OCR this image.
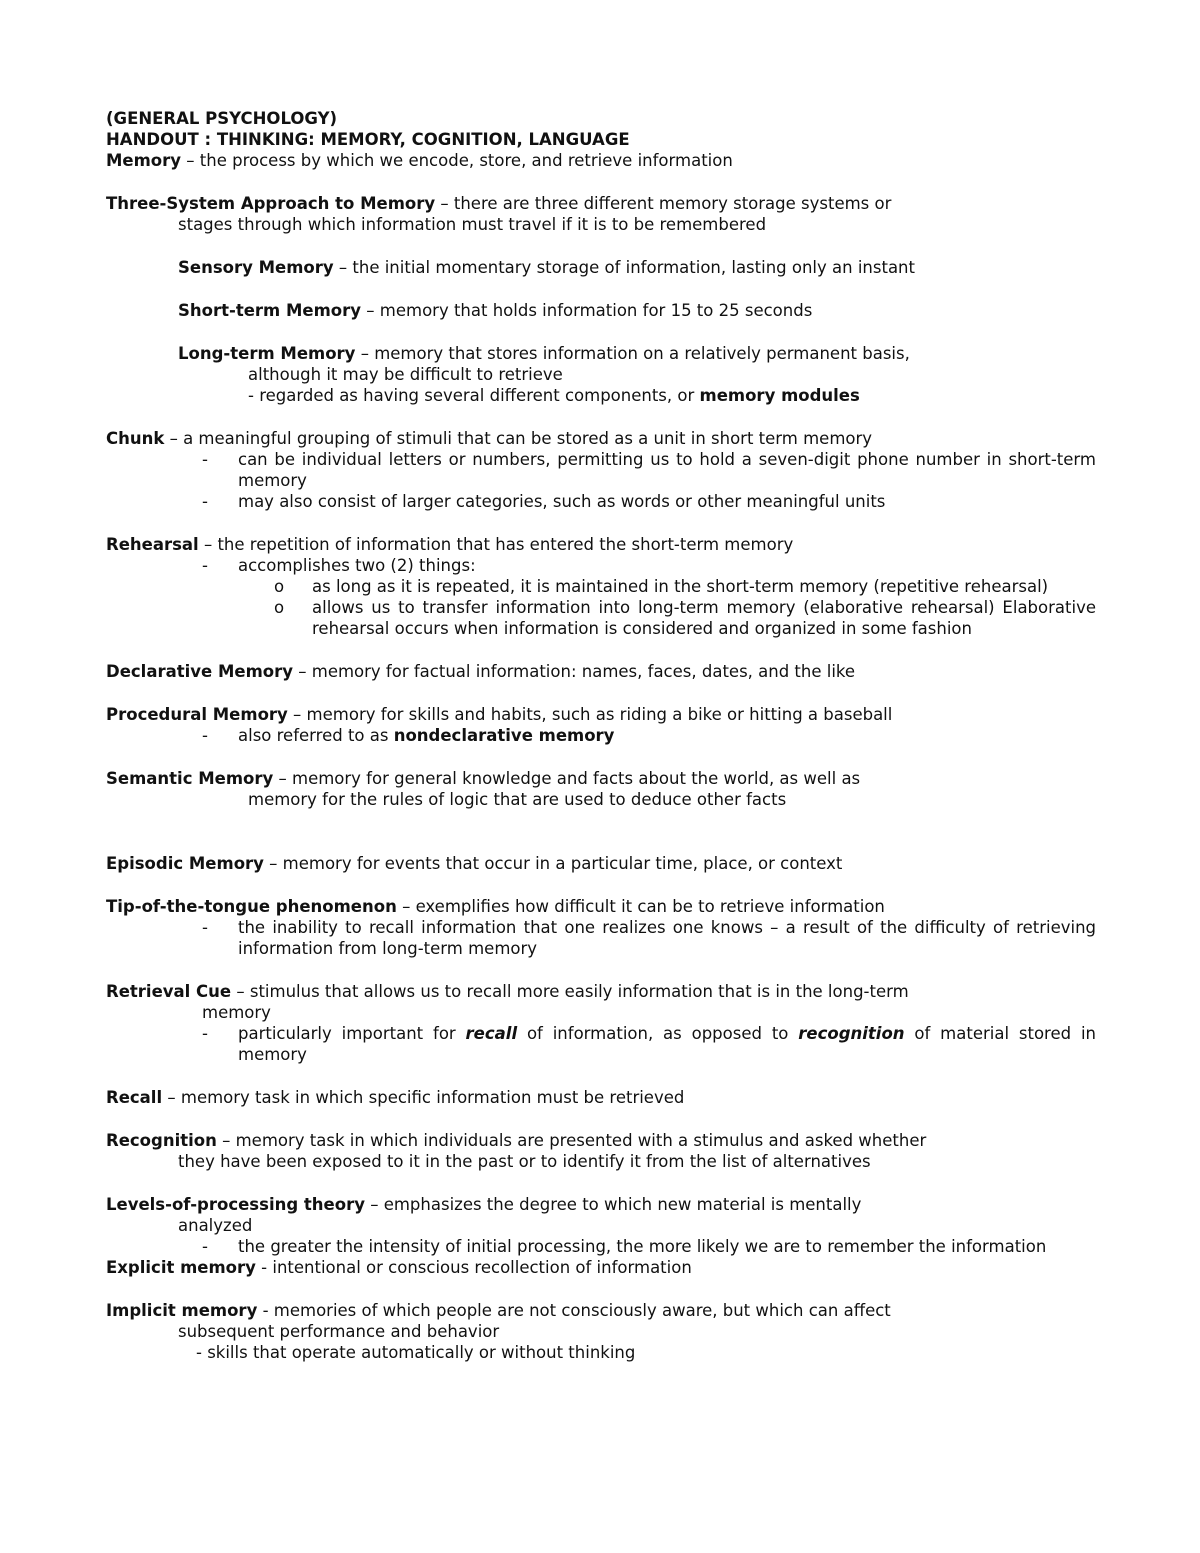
(GENERAL PSYCHOLOGY)
HANDOUT : THINKING: MEMORY, COGNITION, LANGUAGE
Memory – the process by which we encode, store, and retrieve information
Three-System Approach to Memory – there are three different memory storage systems or
stages through which information must travel if it is to be remembered
Sensory Memory – the initial momentary storage of information, lasting only an instant
Short-term Memory – memory that holds information for 15 to 25 seconds
Long-term Memory – memory that stores information on a relatively permanent basis,
although it may be difficult to retrieve
- regarded as having several different components, or memory modules
Chunk – a meaningful grouping of stimuli that can be stored as a unit in short term memory
-	can be individual letters or numbers, permitting us to hold a seven-digit phone number in short-term memory
-	may also consist of larger categories, such as words or other meaningful units
Rehearsal – the repetition of information that has entered the short-term memory
-	accomplishes two (2) things:
o	as long as it is repeated, it is maintained in the short-term memory (repetitive rehearsal)
o	allows us to transfer information into long-term memory (elaborative rehearsal) Elaborative rehearsal occurs when information is considered and organized in some fashion
Declarative Memory – memory for factual information: names, faces, dates, and the like
Procedural Memory – memory for skills and habits, such as riding a bike or hitting a baseball
-	also referred to as nondeclarative memory
Semantic Memory – memory for general knowledge and facts about the world, as well as
memory for the rules of logic that are used to deduce other facts
Episodic Memory – memory for events that occur in a particular time, place, or context
Tip-of-the-tongue phenomenon – exemplifies how difficult it can be to retrieve information
-	the inability to recall information that one realizes one knows – a result of the difficulty of retrieving information from long-term memory
Retrieval Cue – stimulus that allows us to recall more easily information that is in the long-term
memory
-	particularly important for recall of information, as opposed to recognition of material stored in memory
Recall – memory task in which specific information must be retrieved
Recognition – memory task in which individuals are presented with a stimulus and asked whether
they have been exposed to it in the past or to identify it from the list of alternatives
Levels-of-processing theory – emphasizes the degree to which new material is mentally
analyzed
-	the greater the intensity of initial processing, the more likely we are to remember the information
Explicit memory - intentional or conscious recollection of information
Implicit memory - memories of which people are not consciously aware, but which can affect
subsequent performance and behavior
- skills that operate automatically or without thinking
